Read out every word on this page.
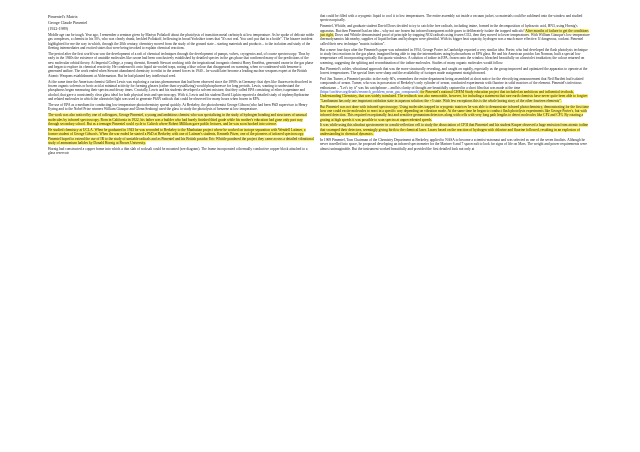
Pimentel's Matrix

George Claude Pimentel

(1922-1989)

Middle age can be tough. Year ago, I remember a seminar given by Martyn Poliakoff about the photolysis of transition metal carbonyls at low temperature. As he spoke of delicate noble gas complexes, a chemist in his 50's, who was clearly drunk, heckled Poliakoff, bellowing in broad Yorkshire tones that "It's not real. You can't put that in a bottle". The bizarre incident highlighted for me the way in which, through the 20th century, chemistry moved from the study of the ground state – starting materials and products – to the isolation and study of the fleeting intermediates and excited states that were being invoked to explain chemical reactions.

The period after the first world war saw the development of a raft of chemical techniques through the development of pumps, valves, cryogenics and, of course spectroscopy. Thus by early in the 1940s the existence of unstable molecules like ozone had been conclusively established by detailed species in the gas phase that confirmed many of the predictions of the new molecular orbital theory. At Imperial College, a young chemist, Kenneth Stewart working with the inspirational inorganic chemist Harry Emeléus, generated ozone in the gas phase and began to explore its chemical reactivity. He condensed it onto liquid air-cooled traps, noting a blue colour that disappeared on warming, when co-condensed with benzene it generated aniline. The work ended when Stewart abandoned chemistry to enlist in the armed forces in 1940 – he would later become a leading nuclear weapons expert at the British Atomic Weapons establishment at Aldermaston. But he had planted key intellectual seed.

At the same time the American chemist Gilbert Lewis was exploring a curious phenomenon that had been observed since the 1890's in Germany: that dyes like fluorescein dissolved in frozen organic solvents or boric acid at minimal acitivity for forming glasses (rather than crystallizing) would phosphoresce for long periods. Lewis, wanting to understand the phosphorus began measuring their spectra and decay times. Crucially, Lewis and his students developed a solvent mixture, that they called EPA consisting of ether, isopentane and alcohol, that gave a consistently clear glass ideal for both physical tests and spectroscopy. With it, Lewis and his student David Lipkin reported a detailed study of triphenylhydrazine and related molecules in which the ultraviolet light was used to generate Ph3N radicals that could be observed for many hours when frozen in EPA.

The use of EPA as a medium for conducting low temperature photochemistry spread quickly. At Berkeley, the photochemist George Gibson (who had been PhD supervisor to Henry Eyring and to the Nobel Prize winners William Giauque and Glenn Seaborg) used the glass to study the photolysis of benzene at low temperature.

The work was also noticed by one of colleagues, George Pimentel, a young and ambitious chemist who was specializing in the study of hydrogen bonding and structures of unusual molecules by infrared spectroscopy. Born in California in 1922, his father was a builder who had barely finished third grade while his mother's education had gone only part way through secondary school. But as a teenager Pimentel could cycle to Caltech where Robert Millikan gave public lectures, and he was soon hooked into science.

He studied chemistry at UCLA. When he graduated in 1943 he was seconded to Berkeley to the Manhattan project where he worked on isotope separation with Wendell Latimer, a former student of George Gibson's. When the war ended he started a PhD at Berkeley with one of Latimer's students, Kenneth Pitzer, one of the pioneers of infrared spectroscopy. Pimentel hoped to extend the use of IR to the study of unstable radicals and as Pimentel and his British postdoc Eric Whittle pondered the project they came across a detailed vibrational study of ammonium halides by Donald Hornig at Brown University.

Hornig had constructed a copper frame into which a thin slab of rocksalt could be mounted (see diagram). The frame incorporated a thermally conductive copper block attached to a glass reservoir

that could be filled with a cryogenic liquid to cool it to low temperatures. The entire assembly sat inside a vacuum jacket, so materials could be sublimed onto the window and studied spectroscopically.

Pimentel, Whittle, and graduate student David Dows decided to try to catch the free radicals, including imine, formed in the decomposition of hydrazoic acid, HN3, using Hornig's apparatus. But then Pimentel had an idea – why not use frozen but infrared transparent noble gases to deliberately isolate the trapped radicals? After months of failure to get the conditions just right, Dows and Whittle demonstrated proof of principle by trapping NO2 radicals using frozen CO2, then they moved to lower temperatures. With William Giauque's low temperature thermodynamics lab nearby, supplies of liquid helium and hydrogen were plentiful. With its bigger heat capacity, hydrogen was a much more effective. If dangerous, coolant. Pimentel called their new technique "matrix isolation".

But a mere four days after the Pimentel's paper was submitted in 1954, George Porter in Cambridge reported a very similar idea. Porter, who had developed the flash photolysis technique to study fast reactions in the gas phase, imagined being able to trap the intermediates using hydrocarbons or EPA glass. He and his American postdoc Ian Norman, built a special low temperature cell incorporating optically flat quartz windows. A solution of iodine in EPA, frozen onto the window, bleached beautifully on ultraviolet irradiation; the colour returned on warming, suggesting the splitting and recombination of the iodine molecules. Studies of many organic molecules would follow.

But Pimentel's colder, vibrational approach that was the more structurally revealing, and caught on rapidly, especially as the group improved and optimized the apparatus to operate at the lowest temperatures. The special lines were sharp and the availability of isotopes made assignment straightforward.

Prof Jim Turner, a Pimentel postdoc in the early 60's, remembers the entire department being assembled at short notice for the electrifying announcement that Neil Bartlett had isolated compounds of xenon. Turner, who was in possession of Berkeley's only cylinder of xenon, conducted experiments with fluorine in solid matrices of the element. Pimentel's infectious enthusiasm – "Let's try it" was his catchphrase – and his clarity of thought are beautifully captured in a short film that was made at the time (https://archive.org/details/research_problem_neon_gas_compounds) for Pimentel's national CHEM Study education project that included an ambitious and influential textbook, Understanding Chemistry, that was widely translated. The textbook was also memorable, however, for including a statement that rare earth chemists have never quite been able to forgive: "Lanthanum has only one important oxidation state in aqueous solution: the +3 state. With few exceptions this is the whole boring story of the other fourteen elements".

But Pimentel was not done with infrared spectroscopy. Using molecules trapped in cryogenic matrices he was able to demonstrate infrared photochemistry, demonstrating for the first time how one could excite molecules to react in a specific way depending on vibration mode. At the same time he began to conduct flash photolysis experiments like George Porter's, but with infrared detection. This required exceptionally fast and sensitive germanium detectors along with cells with very long path lengths to detect molecules like CF2 and CF3. By rotating a grating at high speeds it was possible to scan spectra at unprecedented speeds.

It was while using this ultrafast spectrometer in a multi-reflection cell to study the dissociation of CF3I that Pimentel and his student Kasper observed a huge emission from atomic iodine that swamped their detectors, seemingly giving birth to the chemical laser. Lasers based on the reaction of hydrogen with chlorine and fluorine followed, resulting in an explosion of understanding in chemical dynamics.

In 1969 Pimentel, Tom Chairman of the Chemistry Department at Berkeley, applied to NASA to become a scientist-astronaut and was selected as one of the seven finalists. Although he never travelled into space, he proposed developing an infrared spectrometer for the Mariner 6 and 7 spacecraft to look for signs of life on Mars. The weight and power requirements were almost unimaginable. But the instrument worked beautifully and provided the first detailed look not only at
